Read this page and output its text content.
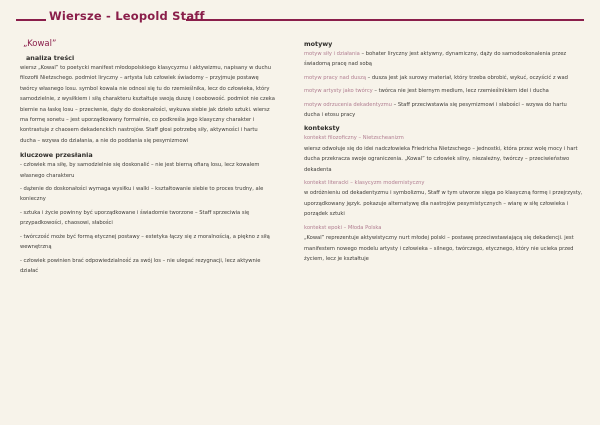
Wiersze - Leopold Staff

„Kowal”

analiza treści

wiersz „Kowal” to poetycki manifest młodopolskiego klasycyzmu i aktywizmu, napisany w duchu filozofii Nietzschego. podmiot liryczny – artysta lub człowiek świadomy – przyjmuje postawę twórcy własnego losu. symbol kowala nie odnosi się tu do rzemieślnika, lecz do człowieka, który samodzielnie, z wysiłkiem i siłą charakteru kształtuje swoją duszę i osobowość. podmiot nie czeka biernie na łaskę losu – przeciwnie, dąży do doskonałości, wykuwa siebie jak dzieło sztuki. wiersz ma formę sonetu – jest uporządkowany formalnie, co podkreśla jego klasyczny charakter i kontrastuje z chaosem dekadenckich nastrojów. Staff głosi potrzebę siły, aktywności i hartu ducha – wzywa do działania, a nie do poddania się pesymizmowi

kluczowe przesłania

- człowiek ma siłę, by samodzielnie się doskonalić – nie jest bierną ofiarą losu, lecz kowalem własnego charakteru

- dążenie do doskonałości wymaga wysiłku i walki – kształtowanie siebie to proces trudny, ale konieczny

- sztuka i życie powinny być uporządkowane i świadomie tworzone – Staff sprzeciwia się przypadkowości, chaosowi, słabości

- twórczość może być formą etycznej postawy – estetyka łączy się z moralnością, a piękno z siłą wewnętrzną

- człowiek powinien brać odpowiedzialność za swój los – nie ulegać rezygnacji, lecz aktywnie działać

motywy

motyw siły i działania – bohater liryczny jest aktywny, dynamiczny, dąży do samodoskonalenia przez świadomą pracę nad sobą

motyw pracy nad duszą – dusza jest jak surowy materiał, który trzeba obrobić, wykuć, oczyścić z wad

motyw artysty jako twórcy – twórca nie jest biernym medium, lecz rzemieślnikiem idei i ducha

motyw odrzucenia dekadentyzmu – Staff przeciwstawia się pesymizmowi i słabości – wzywa do hartu ducha i etosu pracy

konteksty

kontekst filozoficzny – Nietzscheanizm

wiersz odwołuje się do idei nadczłowieka Friedricha Nietzschego – jednostki, która przez wolę mocy i hart ducha przekracza swoje ograniczenia. „Kowal” to człowiek silny, niezależny, twórczy – przeciwieństwo dekadenta

kontekst literacki – klasycyzm modernistyczny

w odróżnieniu od dekadentyzmu i symbolizmu, Staff w tym utworze sięga po klasyczną formę i przejrzysty, uporządkowany język. pokazuje alternatywę dla nastrojów pesymistycznych – wiarę w siłę człowieka i porządek sztuki

kontekst epoki – Młoda Polska

„Kowal” reprezentuje aktywistyczny nurt młodej polski – postawę przeciwstawiającą się dekadencji. jest manifestem nowego modelu artysty i człowieka – silnego, twórczego, etycznego, który nie ucieka przed życiem, lecz je kształtuje
